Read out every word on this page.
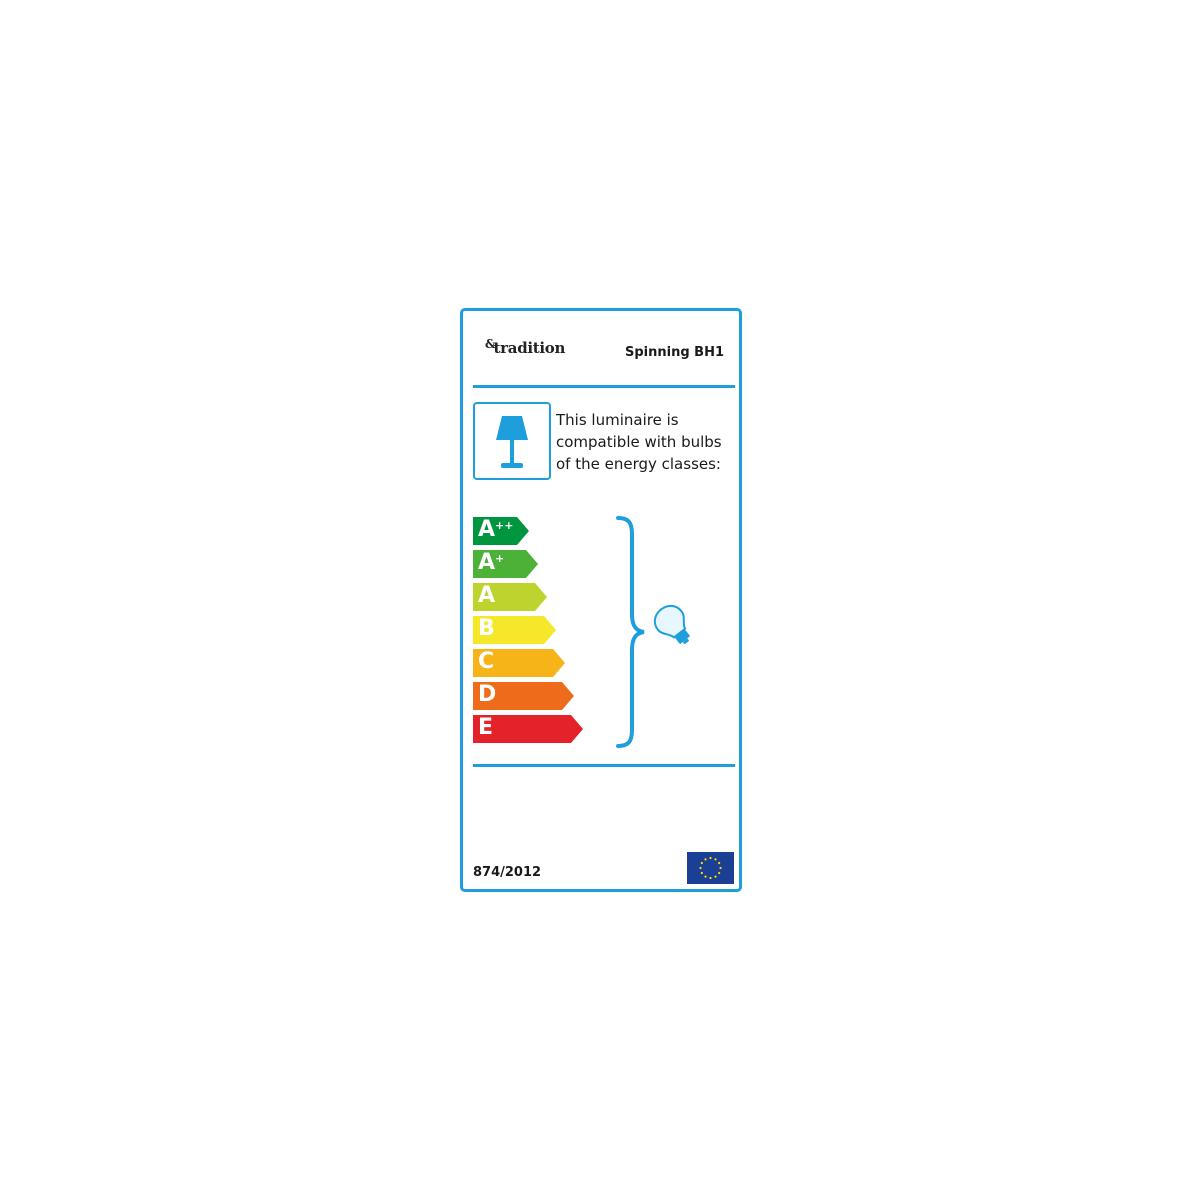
&tradition	Spinning BH1
This luminaire is
compatible with bulbs
of the energy classes:
A++
A+
A
B
C
D
E
874/2012
